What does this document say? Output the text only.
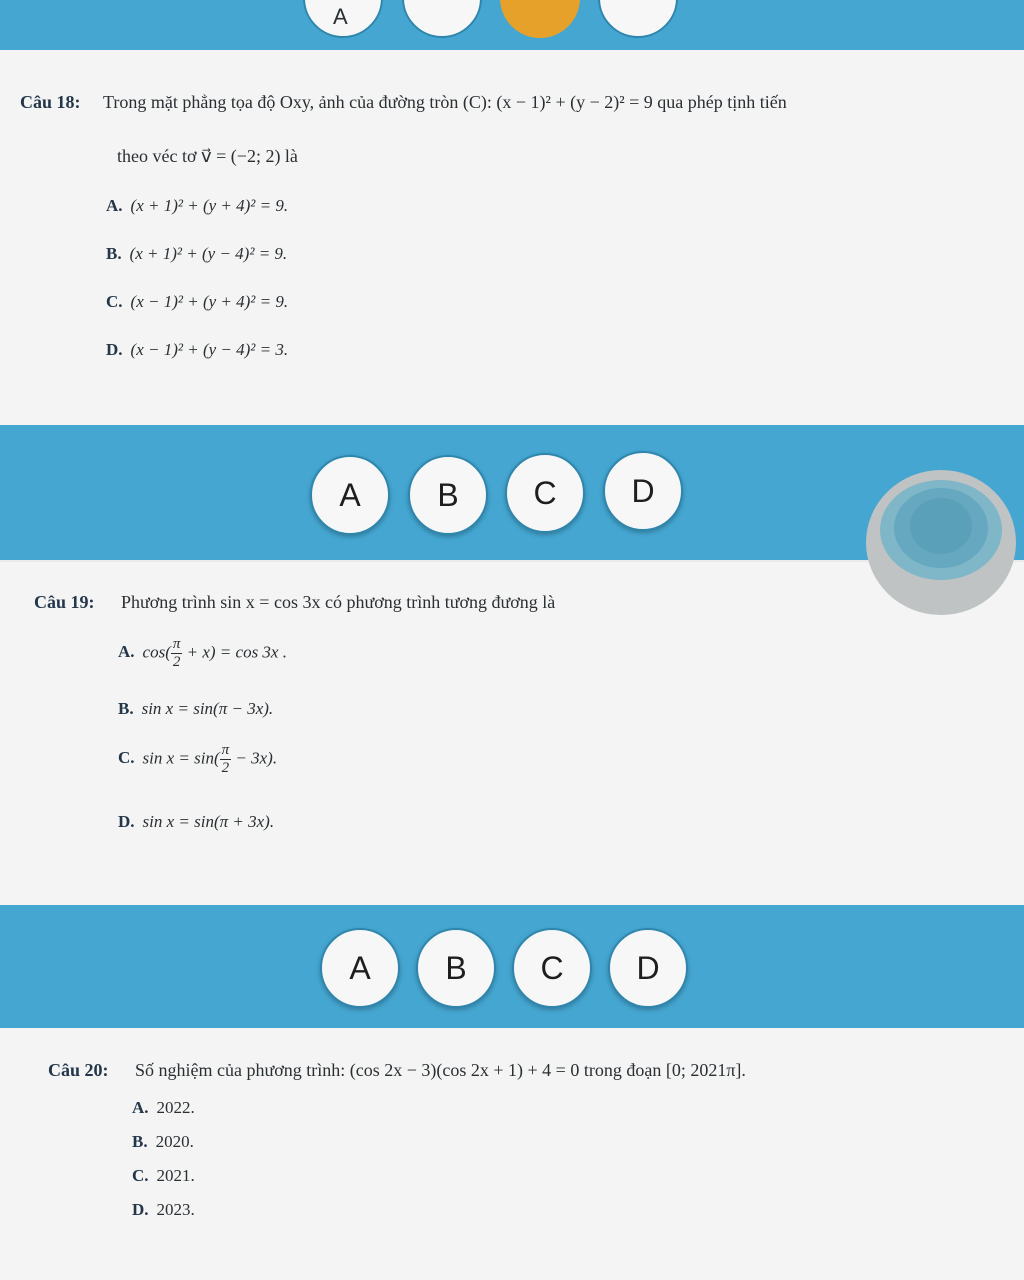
A
Câu 18: Trong mặt phẳng tọa độ Oxy, ảnh của đường tròn (C): (x − 1)² + (y − 2)² = 9 qua phép tịnh tiến
theo véc tơ v⃗ = (−2; 2) là
A. (x + 1)² + (y + 4)² = 9.
B. (x + 1)² + (y − 4)² = 9.
C. (x − 1)² + (y + 4)² = 9.
D. (x − 1)² + (y − 4)² = 3.
A	B	C	D
Câu 19: Phương trình sin x = cos 3x có phương trình tương đương là
A. $\cos( \frac{\pi}{2} + x) = \cos 3x$ .
B. sin x = sin(π − 3x).
C. $\sin x = \sin( \frac{\pi}{2} - 3x)$.
D. sin x = sin(π + 3x).
A	B	C	D
Câu 20: Số nghiệm của phương trình: (cos 2x − 3)(cos 2x + 1) + 4 = 0 trong đoạn [0; 2021π].
A. 2022.
B. 2020.
C. 2021.
D. 2023.
